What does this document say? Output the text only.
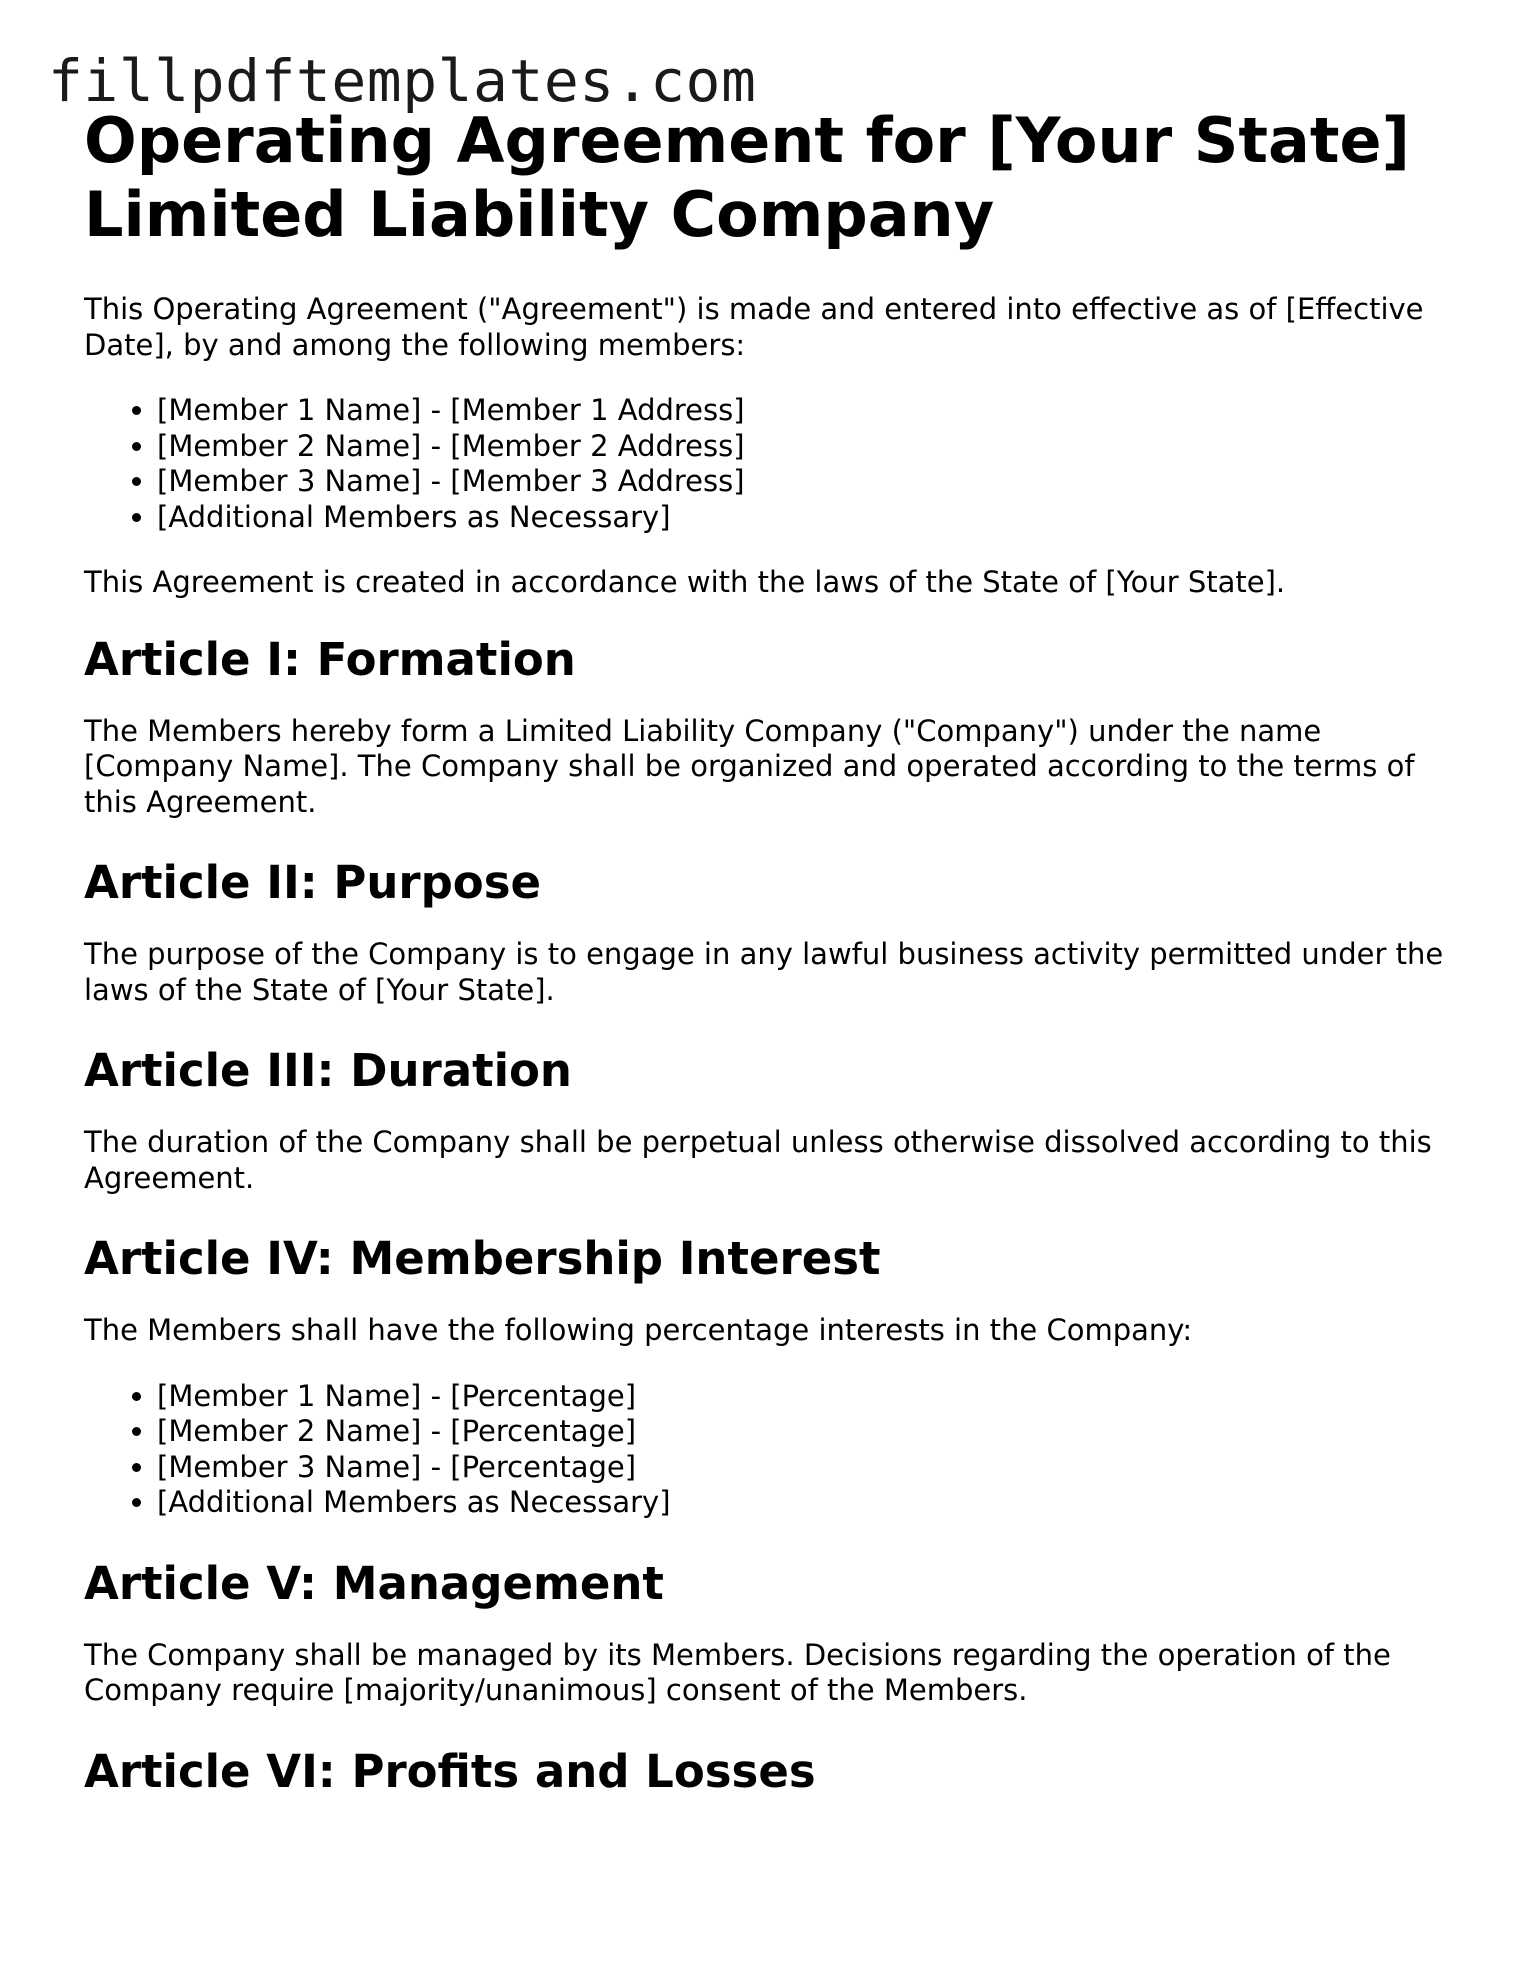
fillpdftemplates.com
Operating Agreement for [Your State]
Limited Liability Company

This Operating Agreement ("Agreement") is made and entered into effective as of [Effective Date], by and among the following members:

• [Member 1 Name] - [Member 1 Address]
• [Member 2 Name] - [Member 2 Address]
• [Member 3 Name] - [Member 3 Address]
• [Additional Members as Necessary]

This Agreement is created in accordance with the laws of the State of [Your State].

Article I: Formation

The Members hereby form a Limited Liability Company ("Company") under the name [Company Name]. The Company shall be organized and operated according to the terms of this Agreement.

Article II: Purpose

The purpose of the Company is to engage in any lawful business activity permitted under the laws of the State of [Your State].

Article III: Duration

The duration of the Company shall be perpetual unless otherwise dissolved according to this Agreement.

Article IV: Membership Interest

The Members shall have the following percentage interests in the Company:

• [Member 1 Name] - [Percentage]
• [Member 2 Name] - [Percentage]
• [Member 3 Name] - [Percentage]
• [Additional Members as Necessary]
Article V: Management

The Company shall be managed by its Members. Decisions regarding the operation of the Company require [majority/unanimous] consent of the Members.

Article VI: Profits and Losses
